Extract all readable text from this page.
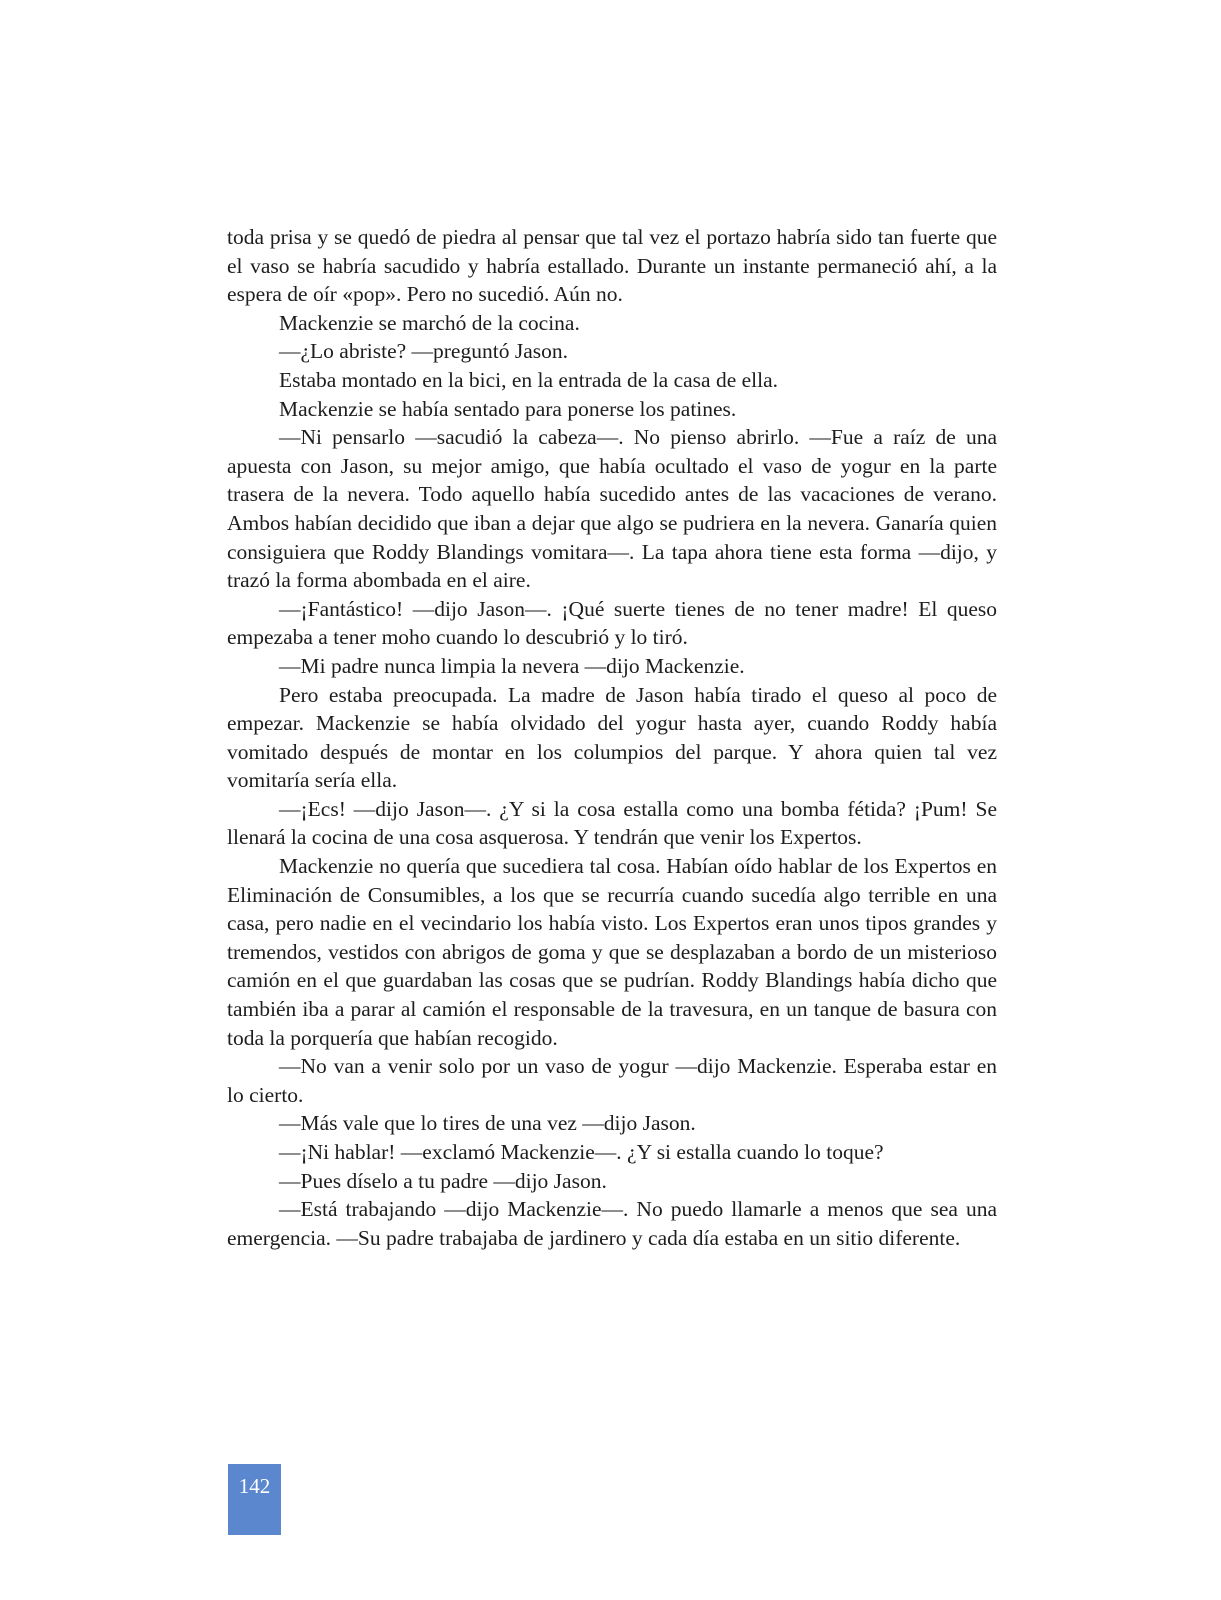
toda prisa y se quedó de piedra al pensar que tal vez el portazo habría sido tan fuerte que el vaso se habría sacudido y habría estallado. Durante un instante permaneció ahí, a la espera de oír «pop». Pero no sucedió. Aún no.

Mackenzie se marchó de la cocina.

—¿Lo abriste? —preguntó Jason.

Estaba montado en la bici, en la entrada de la casa de ella.

Mackenzie se había sentado para ponerse los patines.

—Ni pensarlo —sacudió la cabeza—. No pienso abrirlo. —Fue a raíz de una apuesta con Jason, su mejor amigo, que había ocultado el vaso de yogur en la parte trasera de la nevera. Todo aquello había sucedido antes de las vacaciones de verano. Ambos habían decidido que iban a dejar que algo se pudriera en la nevera. Ganaría quien consiguiera que Roddy Blandings vomitara—. La tapa ahora tiene esta forma —dijo, y trazó la forma abombada en el aire.

—¡Fantástico! —dijo Jason—. ¡Qué suerte tienes de no tener madre! El queso empezaba a tener moho cuando lo descubrió y lo tiró.

—Mi padre nunca limpia la nevera —dijo Mackenzie.

Pero estaba preocupada. La madre de Jason había tirado el queso al poco de empezar. Mackenzie se había olvidado del yogur hasta ayer, cuando Roddy había vomitado después de montar en los columpios del parque. Y ahora quien tal vez vomitaría sería ella.

—¡Ecs! —dijo Jason—. ¿Y si la cosa estalla como una bomba fétida? ¡Pum! Se llenará la cocina de una cosa asquerosa. Y tendrán que venir los Expertos.

Mackenzie no quería que sucediera tal cosa. Habían oído hablar de los Expertos en Eliminación de Consumibles, a los que se recurría cuando sucedía algo terrible en una casa, pero nadie en el vecindario los había visto. Los Expertos eran unos tipos grandes y tremendos, vestidos con abrigos de goma y que se desplazaban a bordo de un misterioso camión en el que guardaban las cosas que se pudrían. Roddy Blandings había dicho que también iba a parar al camión el responsable de la travesura, en un tanque de basura con toda la porquería que habían recogido.

—No van a venir solo por un vaso de yogur —dijo Mackenzie. Esperaba estar en lo cierto.

—Más vale que lo tires de una vez —dijo Jason.

—¡Ni hablar! —exclamó Mackenzie—. ¿Y si estalla cuando lo toque?

—Pues díselo a tu padre —dijo Jason.

—Está trabajando —dijo Mackenzie—. No puedo llamarle a menos que sea una emergencia. —Su padre trabajaba de jardinero y cada día estaba en un sitio diferente.

142
